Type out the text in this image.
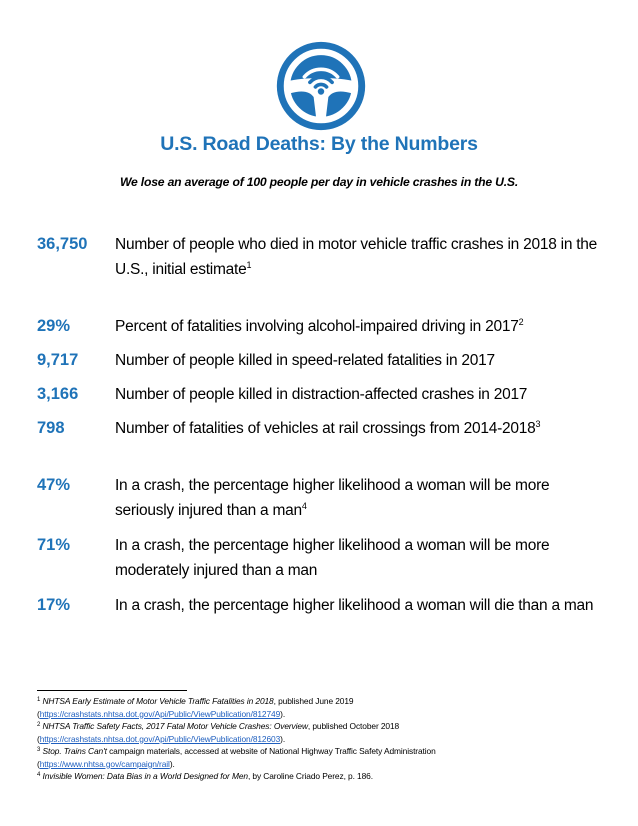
U.S. Road Deaths: By the Numbers
We lose an average of 100 people per day in vehicle crashes in the U.S.
36,750	Number of people who died in motor vehicle traffic crashes in 2018 in the U.S., initial estimate$^1$
29%	Percent of fatalities involving alcohol-impaired driving in 2017$^2$
9,717	Number of people killed in speed-related fatalities in 2017
3,166	Number of people killed in distraction-affected crashes in 2017
798	Number of fatalities of vehicles at rail crossings from 2014-2018$^3$
47%	In a crash, the percentage higher likelihood a woman will be more seriously injured than a man$^4$
71%	In a crash, the percentage higher likelihood a woman will be more moderately injured than a man
17%	In a crash, the percentage higher likelihood a woman will die than a man
$^1$ NHTSA Early Estimate of Motor Vehicle Traffic Fatalities in 2018, published June 2019
(https://crashstats.nhtsa.dot.gov/Api/Public/ViewPublication/812749).
$^2$ NHTSA Traffic Safety Facts, 2017 Fatal Motor Vehicle Crashes: Overview, published October 2018
(https://crashstats.nhtsa.dot.gov/Api/Public/ViewPublication/812603).
$^3$ Stop. Trains Can't campaign materials, accessed at website of National Highway Traffic Safety Administration
(https://www.nhtsa.gov/campaign/rail).
$^4$ Invisible Women: Data Bias in a World Designed for Men, by Caroline Criado Perez, p. 186.
